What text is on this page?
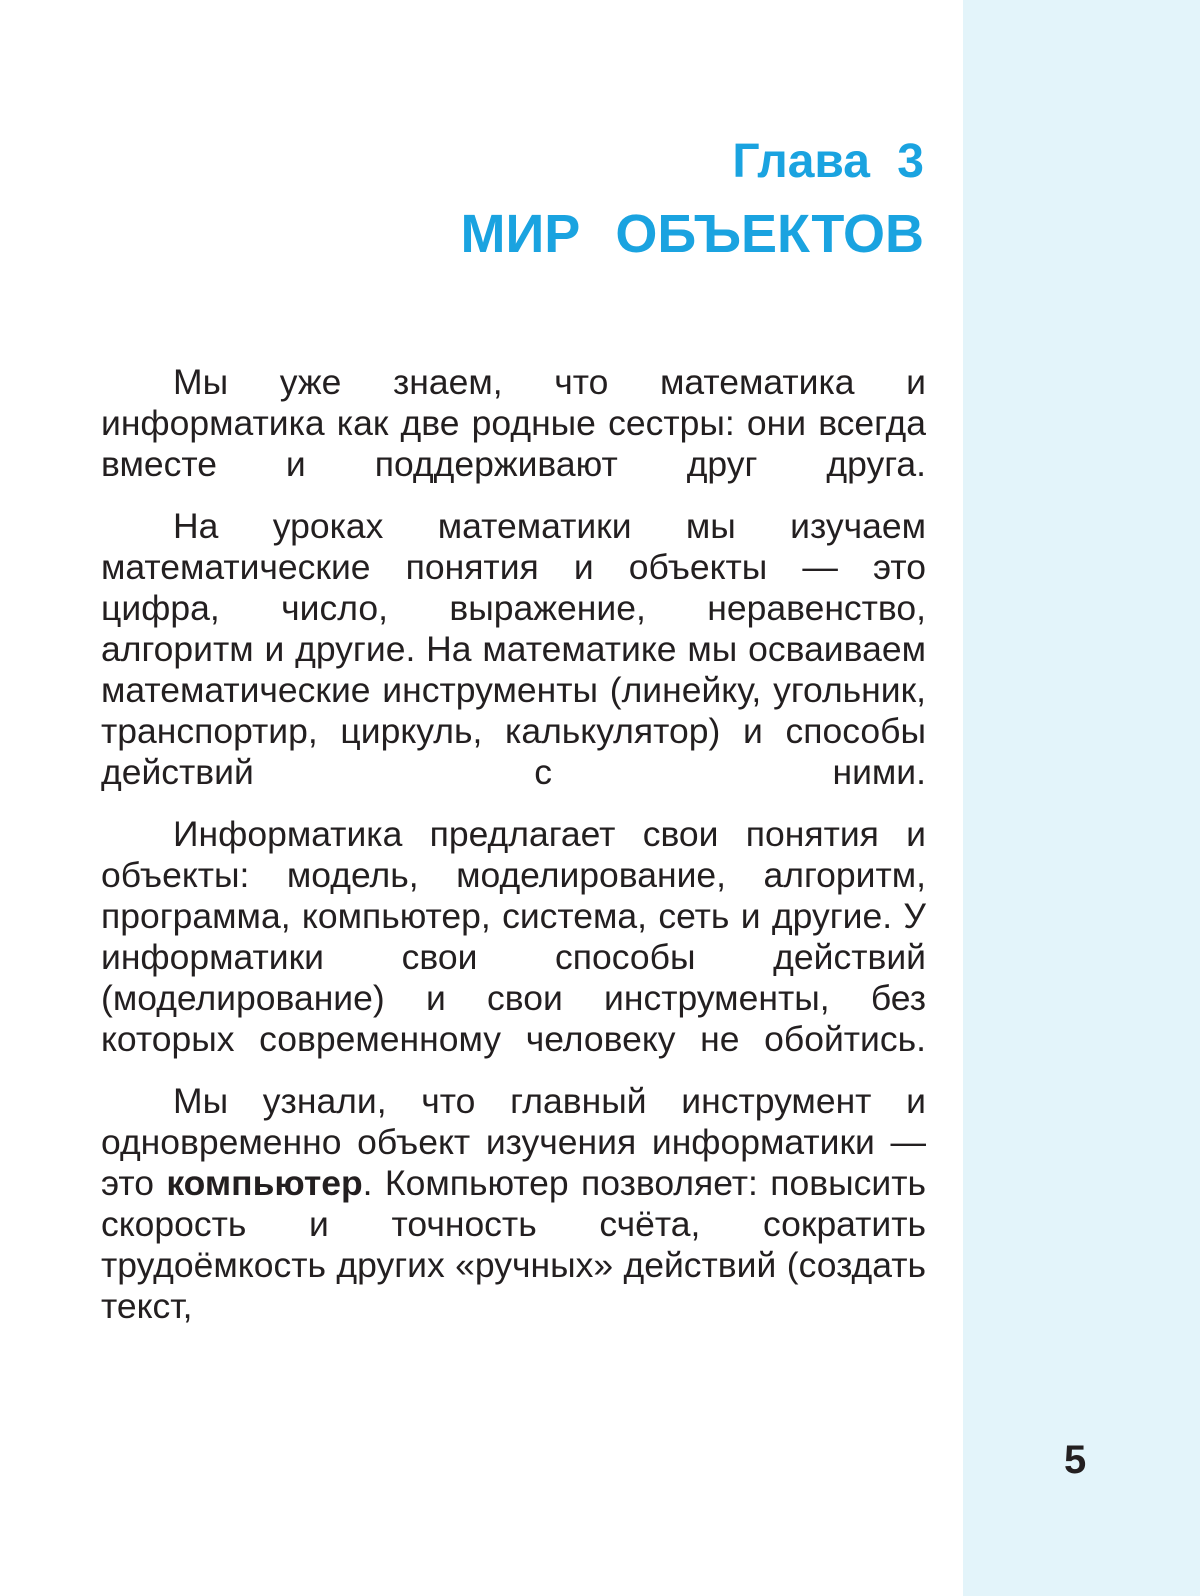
Глава 3
МИР ОБЪЕКТОВ

Мы уже знаем, что математика и информатика как две родные сестры: они всегда вместе и поддерживают друг друга.

На уроках математики мы изучаем математические понятия и объекты — это цифра, число, выражение, неравенство, алгоритм и другие. На математике мы осваиваем математические инструменты (линейку, угольник, транспортир, циркуль, калькулятор) и способы действий с ними.

Информатика предлагает свои понятия и объекты: модель, моделирование, алгоритм, программа, компьютер, система, сеть и другие. У информатики свои способы действий (моделирование) и свои инструменты, без которых современному человеку не обойтись.

Мы узнали, что главный инструмент и одновременно объект изучения информатики — это компьютер. Компьютер позволяет: повысить скорость и точность счёта, сократить трудоёмкость других «ручных» действий (создать текст,

5
